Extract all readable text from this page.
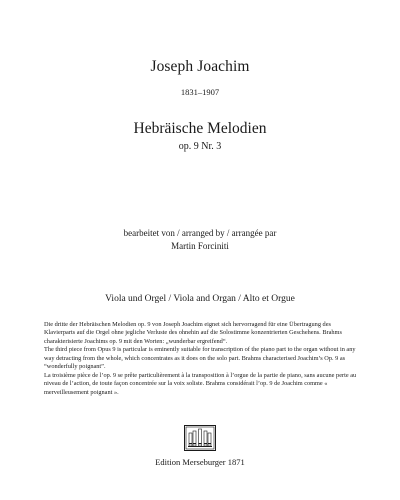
Joseph Joachim
1831–1907
Hebräische Melodien
op. 9 Nr. 3
bearbeitet von / arranged by / arrangée par
Martin Forciniti
Viola und Orgel / Viola and Organ / Alto et Orgue

Die dritte der Hebräischen Melodien op. 9 von Joseph Joachim eignet sich hervorragend für eine Übertragung des Klavierparts auf die Orgel ohne jegliche Verluste des ohnehin auf die Solostimme konzentrierten Geschehens. Brahms charakterisierte Joachims op. 9 mit den Worten: „wunderbar ergreifend“.

The third piece from Opus 9 is particular is eminently suitable for transcription of the piano part to the organ without in any way detracting from the whole, which concentrates as it does on the solo part. Brahms characterised Joachim’s Op. 9 as “wonderfully poignant”.

La troisième pièce de l’op. 9 se prête particulièrement à la transposition à l’orgue de la partie de piano, sans aucune perte au niveau de l’action, de toute façon concentrée sur la voix soliste. Brahms considérait l’op. 9 de Joachim comme « merveilleusement poignant ».

Edition Merseburger 1871
